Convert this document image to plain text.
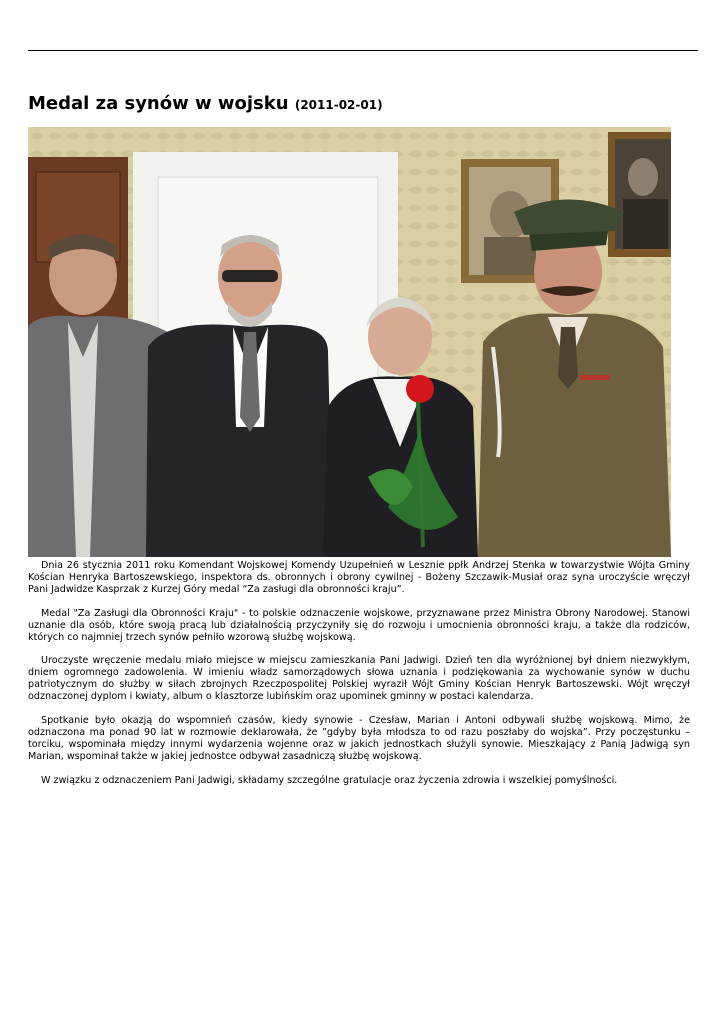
Medal za synów w wojsku (2011-02-01)

Dnia 26 stycznia 2011 roku Komendant Wojskowej Komendy Uzupełnień w Lesznie ppłk Andrzej Stenka w towarzystwie Wójta Gminy Kościan Henryka Bartoszewskiego, inspektora ds. obronnych i obrony cywilnej - Bożeny Szczawik-Musiał oraz syna uroczyście wręczył Pani Jadwidze Kasprzak z Kurzej Góry medal “Za zasługi dla obronności kraju”.

Medal "Za Zasługi dla Obronności Kraju" - to polskie odznaczenie wojskowe, przyznawane przez Ministra Obrony Narodowej. Stanowi uznanie dla osób, które swoją pracą lub działalnością przyczyniły się do rozwoju i umocnienia obronności kraju, a także dla rodziców, których co najmniej trzech synów pełniło wzorową służbę wojskową.

Uroczyste wręczenie medalu miało miejsce w miejscu zamieszkania Pani Jadwigi. Dzień ten dla wyróżnionej był dniem niezwykłym, dniem ogromnego zadowolenia. W imieniu władz samorządowych słowa uznania i podziękowania za wychowanie synów w duchu patriotycznym do służby w siłach zbrojnych Rzeczpospolitej Polskiej wyraził Wójt Gminy Kościan Henryk Bartoszewski. Wójt wręczył odznaczonej dyplom i kwiaty, album o klasztorze lubińskim oraz upominek gminny w postaci kalendarza.

Spotkanie było okazją do wspomnień czasów, kiedy synowie - Czesław, Marian i Antoni odbywali służbę wojskową. Mimo, że odznaczona ma ponad 90 lat w rozmowie deklarowała, że ”gdyby była młodsza to od razu poszłaby do wojska”. Przy poczęstunku – torciku, wspominała między innymi wydarzenia wojenne oraz w jakich jednostkach służyli synowie. Mieszkający z Panią Jadwigą syn Marian, wspominał także w jakiej jednostce odbywał zasadniczą służbę wojskową.

W związku z odznaczeniem Pani Jadwigi, składamy szczególne gratulacje oraz życzenia zdrowia i wszelkiej pomyślności.
